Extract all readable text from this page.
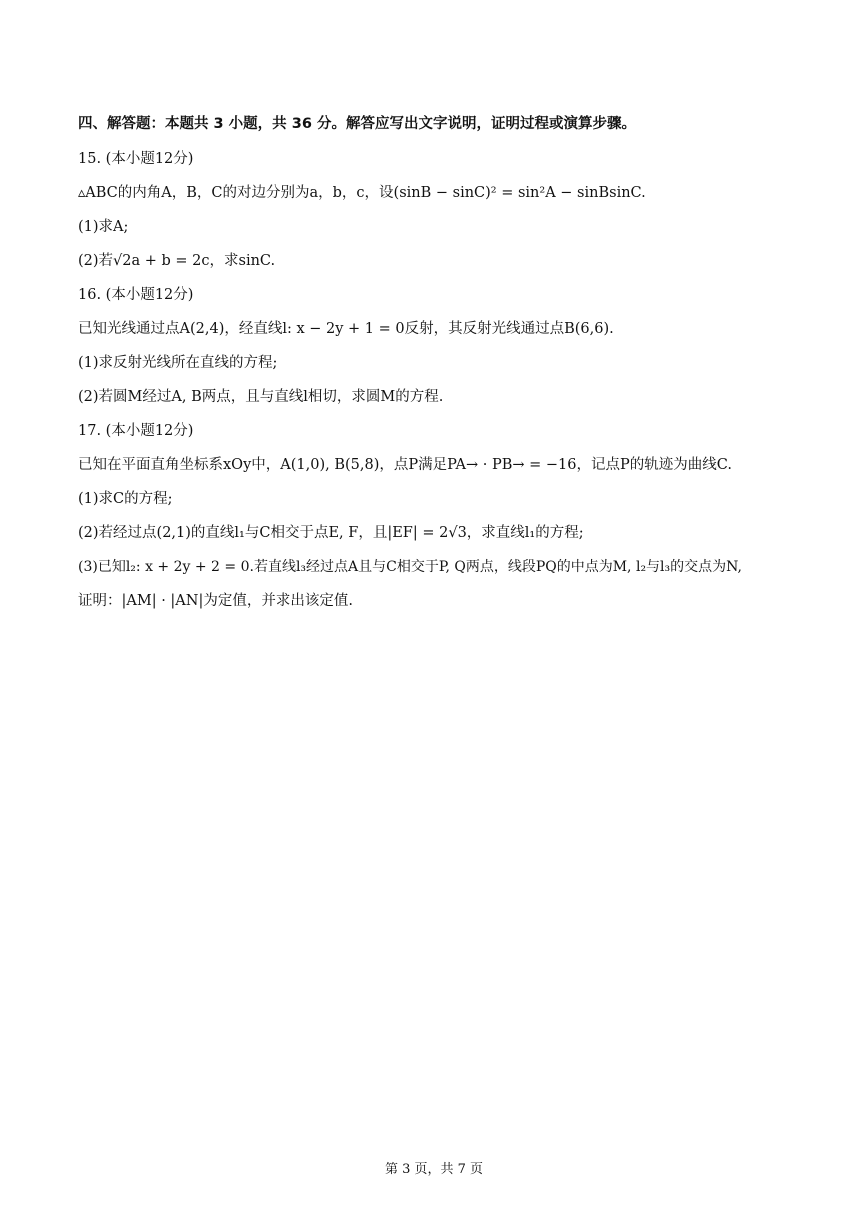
四、解答题：本题共 3 小题，共 36 分。解答应写出文字说明，证明过程或演算步骤。
15. (本小题12分)
▵ABC的内角A，B，C的对边分别为a，b，c，设(sinB − sinC)² = sin²A − sinBsinC.
(1)求A;
(2)若√2a + b = 2c，求sinC.
16. (本小题12分)
已知光线通过点A(2,4)，经直线l: x − 2y + 1 = 0反射，其反射光线通过点B(6,6).
(1)求反射光线所在直线的方程;
(2)若圆M经过A, B两点，且与直线l相切，求圆M的方程.
17. (本小题12分)
已知在平面直角坐标系xOy中，A(1,0), B(5,8)，点P满足PA→ · PB→ = −16，记点P的轨迹为曲线C.
(1)求C的方程;
(2)若经过点(2,1)的直线l₁与C相交于点E, F，且|EF| = 2√3，求直线l₁的方程;
(3)已知l₂: x + 2y + 2 = 0.若直线l₃经过点A且与C相交于P, Q两点，线段PQ的中点为M, l₂与l₃的交点为N,
证明：|AM| · |AN|为定值，并求出该定值.
第 3 页，共 7 页
